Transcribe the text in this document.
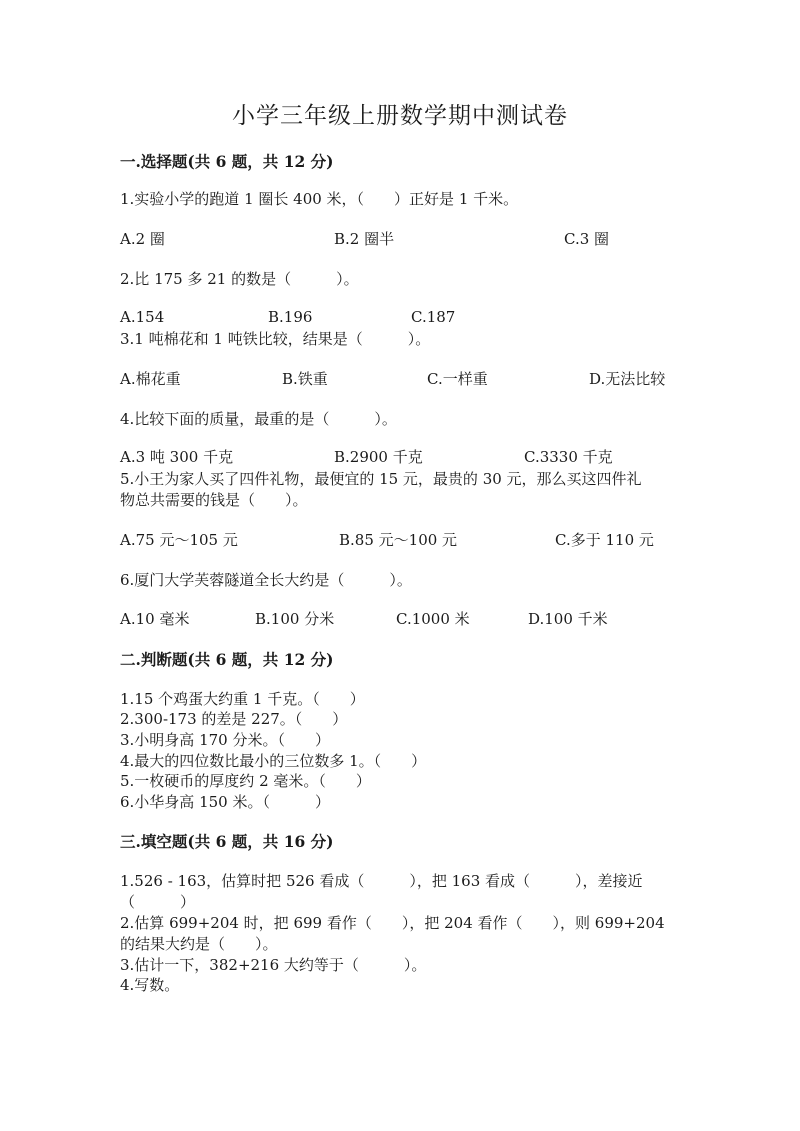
小学三年级上册数学期中测试卷
一.选择题(共 6 题，共 12 分)
1.实验小学的跑道 1 圈长 400 米，（　　）正好是 1 千米。
A.2 圈	B.2 圈半	C.3 圈
2.比 175 多 21 的数是（　　　）。
A.154	B.196	C.187
3.1 吨棉花和 1 吨铁比较，结果是（　　　）。
A.棉花重	B.铁重	C.一样重	D.无法比较
4.比较下面的质量，最重的是（　　　）。
A.3 吨 300 千克	B.2900 千克	C.3330 千克
5.小王为家人买了四件礼物，最便宜的 15 元，最贵的 30 元，那么买这四件礼
物总共需要的钱是（　　）。
A.75 元～105 元	B.85 元～100 元	C.多于 110 元
6.厦门大学芙蓉隧道全长大约是（　　　）。
A.10 毫米	B.100 分米	C.1000 米	D.100 千米
二.判断题(共 6 题，共 12 分)
1.15 个鸡蛋大约重 1 千克。（　　）
2.300-173 的差是 227。（　　）
3.小明身高 170 分米。（　　）
4.最大的四位数比最小的三位数多 1。（　　）
5.一枚硬币的厚度约 2 毫米。（　　）
6.小华身高 150 米。（　　　）
三.填空题(共 6 题，共 16 分)
1.526 - 163，估算时把 526 看成（　　　），把 163 看成（　　　），差接近
（　　　）
2.估算 699+204 时，把 699 看作（　　），把 204 看作（　　），则 699+204
的结果大约是（　　）。
3.估计一下，382+216 大约等于（　　　）。
4.写数。
